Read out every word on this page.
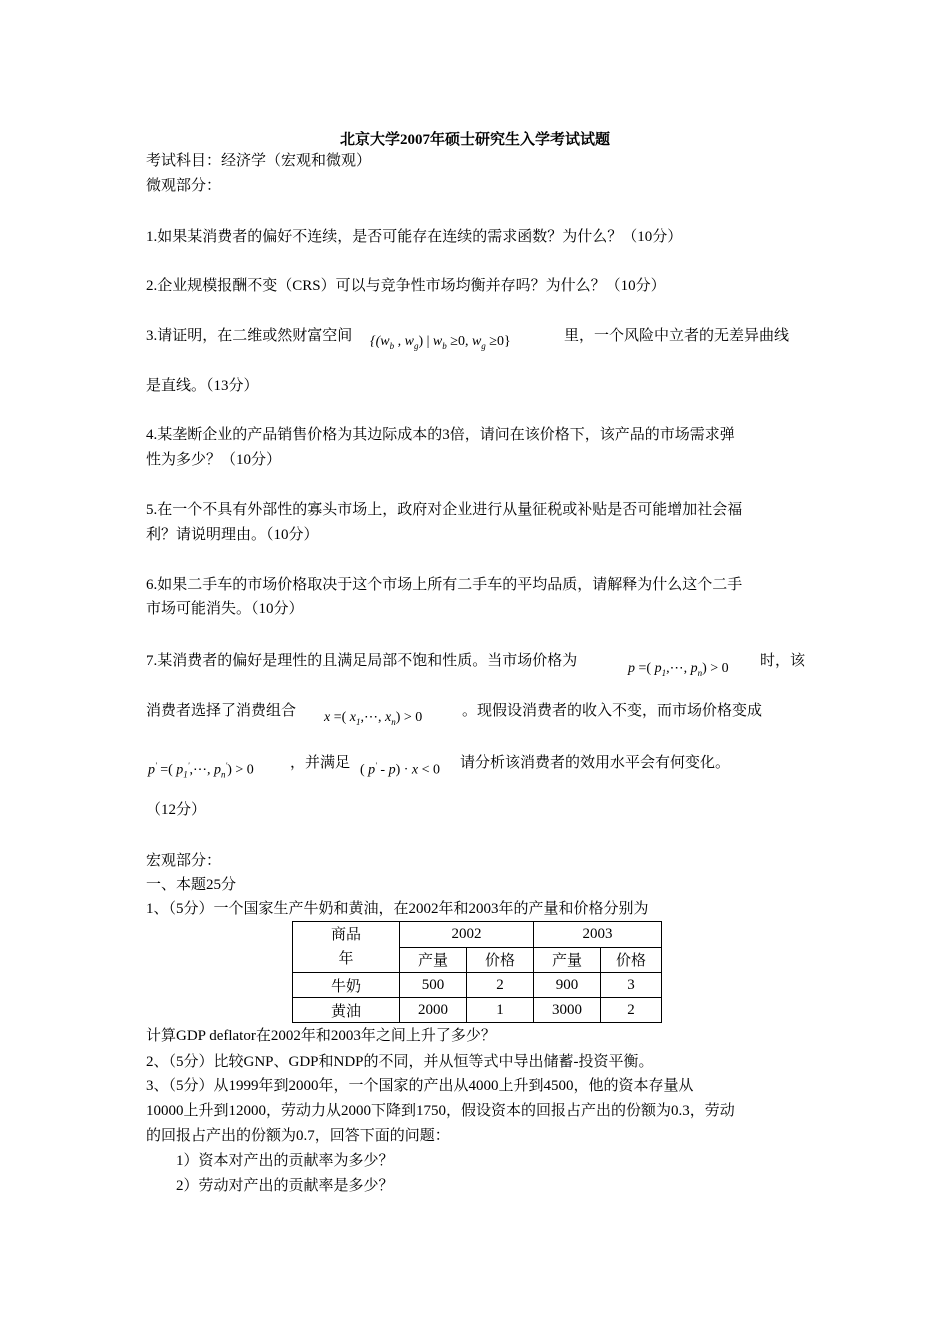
北京大学2007年硕士研究生入学考试试题
考试科目：经济学（宏观和微观）
微观部分：
1.如果某消费者的偏好不连续，是否可能存在连续的需求函数？为什么？（10分）
2.企业规模报酬不变（CRS）可以与竞争性市场均衡并存吗？为什么？（10分）
3.请证明，在二维或然财富空间 {($w_b$ , $w_g$) | $w_b \ge 0$, $w_g \ge 0$}	里，一个风险中立者的无差异曲线
是直线。（13分）
4.某垄断企业的产品销售价格为其边际成本的3倍，请问在该价格下，该产品的市场需求弹
性为多少？（10分）
5.在一个不具有外部性的寡头市场上，政府对企业进行从量征税或补贴是否可能增加社会福
利？请说明理由。（10分）
6.如果二手车的市场价格取决于这个市场上所有二手车的平均品质，请解释为什么这个二手
市场可能消失。（10分）
7.某消费者的偏好是理性的且满足局部不饱和性质。当市场价格为	p =( $p_1,\cdots$, $p_n) > 0$ 时，该
消费者选择了消费组合 x =( $x_1,\cdots$, $x_n) > 0$	。现假设消费者的收入不变，而市场价格变成
p' =( $p_1',\cdots$, $p_n') > 0$ ，并满足 ( p' - p) · x < 0 请分析该消费者的效用水平会有何变化。
（12分）
宏观部分：
一、本题25分
1、（5分）一个国家生产牛奶和黄油，在2002年和2003年的产量和价格分别为
商品
年	2002		2003	
	产量	价格	产量	价格
牛奶	500	2	900	3
黄油	2000	1	3000	2
计算GDP deflator在2002年和2003年之间上升了多少？
2、（5分）比较GNP、GDP和NDP的不同，并从恒等式中导出储蓄-投资平衡。
3、（5分）从1999年到2000年，一个国家的产出从4000上升到4500，他的资本存量从
10000上升到12000，劳动力从2000下降到1750，假设资本的回报占产出的份额为0.3，劳动
的回报占产出的份额为0.7，回答下面的问题：
1）资本对产出的贡献率为多少？
2）劳动对产出的贡献率是多少？
